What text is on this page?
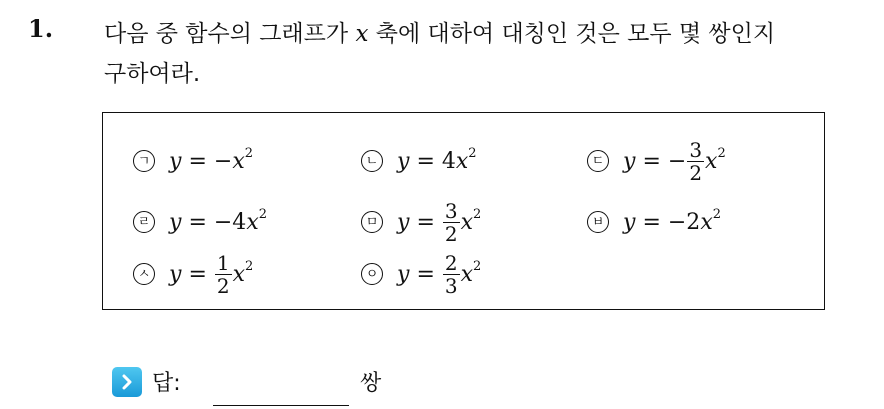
1. 다음 중 함수의 그래프가 x 축에 대하여 대칭인 것은 모두 몇 쌍인지
구하여라.
ㄱ y = − $x^2$
ㄴ y = 4 $x^2$
ㄷ y = − $\frac{3}{2} x^2$
ㄹ y = −4 $x^2$
ㅁ $y = \frac{3}{2} x^2$
ㅂ y = −2 $x^2$
ㅅ $y = \frac{1}{2} x^2$
ㅇ $y = \frac{2}{3} x^2$
답:	쌍
